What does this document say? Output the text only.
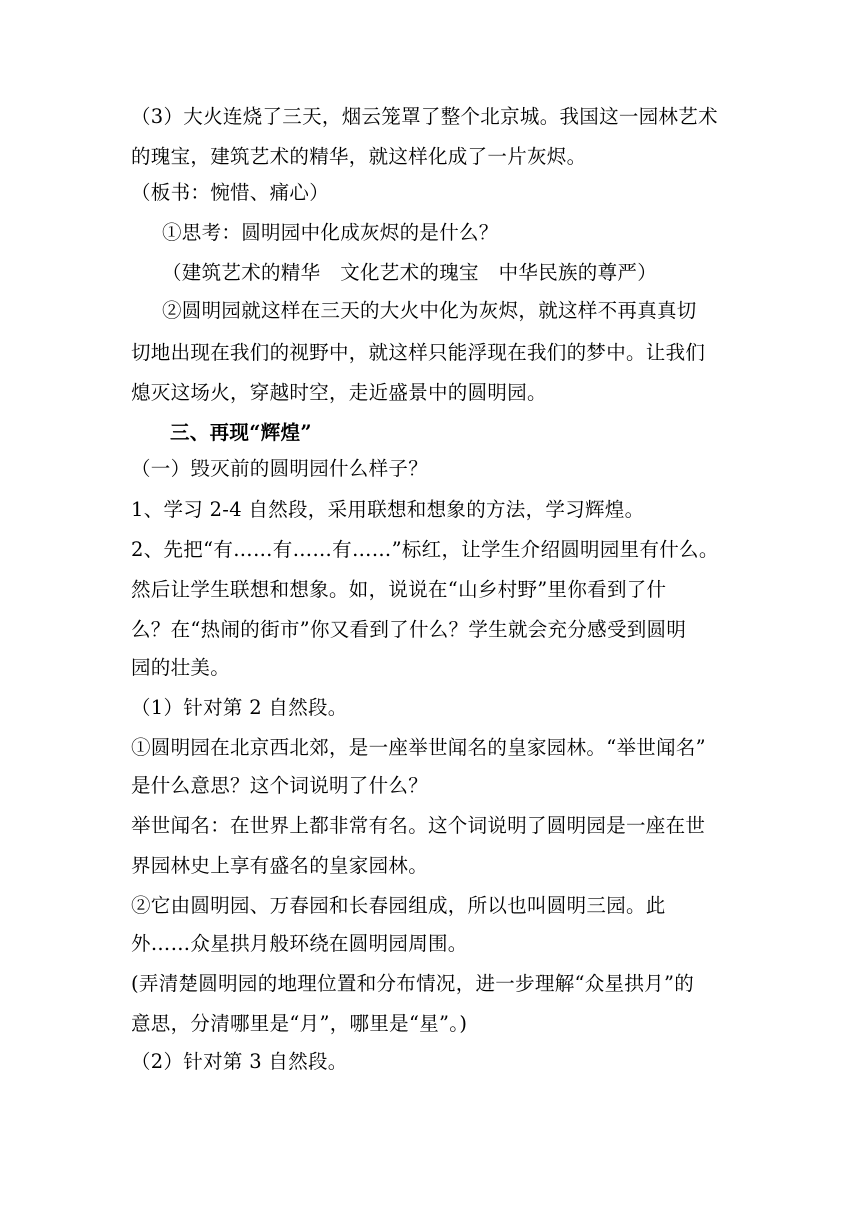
（3）大火连烧了三天，烟云笼罩了整个北京城。我国这一园林艺术
的瑰宝，建筑艺术的精华，就这样化成了一片灰烬。
（板书：惋惜、痛心）
①思考：圆明园中化成灰烬的是什么？
（建筑艺术的精华　文化艺术的瑰宝　中华民族的尊严）
②圆明园就这样在三天的大火中化为灰烬，就这样不再真真切
切地出现在我们的视野中，就这样只能浮现在我们的梦中。让我们
熄灭这场火，穿越时空，走近盛景中的圆明园。
三、再现“辉煌”
（一）毁灭前的圆明园什么样子？
1、学习 2-4 自然段，采用联想和想象的方法，学习辉煌。
2、先把“有……有……有……”标红，让学生介绍圆明园里有什么。
然后让学生联想和想象。如，说说在“山乡村野”里你看到了什
么？在“热闹的街市”你又看到了什么？学生就会充分感受到圆明
园的壮美。
（1）针对第 2 自然段。
①圆明园在北京西北郊，是一座举世闻名的皇家园林。“举世闻名”
是什么意思？这个词说明了什么？
举世闻名：在世界上都非常有名。这个词说明了圆明园是一座在世
界园林史上享有盛名的皇家园林。
②它由圆明园、万春园和长春园组成，所以也叫圆明三园。此
外……众星拱月般环绕在圆明园周围。
(弄清楚圆明园的地理位置和分布情况，进一步理解“众星拱月”的
意思，分清哪里是“月”，哪里是“星”。)
（2）针对第 3 自然段。
